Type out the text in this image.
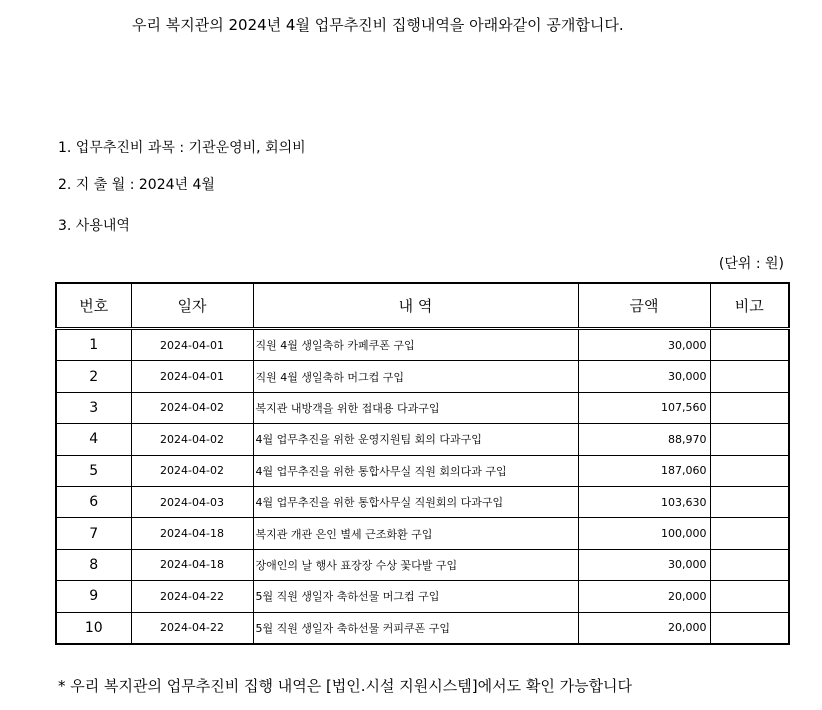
우리 복지관의 2024년 4월 업무추진비 집행내역을 아래와같이 공개합니다.
1. 업무추진비 과목 : 기관운영비, 회의비
2. 지 출 월 : 2024년 4월
3. 사용내역
(단위 : 원)
번호	일자	내 역	금액	비고
1	2024-04-01	직원 4월 생일축하 카페쿠폰 구입	30,000	
2	2024-04-01	직원 4월 생일축하 머그컵 구입	30,000	
3	2024-04-02	복지관 내방객을 위한 접대용 다과구입	107,560	
4	2024-04-02	4월 업무추진을 위한 운영지원팀 회의 다과구입	88,970	
5	2024-04-02	4월 업무추진을 위한 통합사무실 직원 회의다과 구입	187,060	
6	2024-04-03	4월 업무추진을 위한 통합사무실 직원회의 다과구입	103,630	
7	2024-04-18	복지관 개관 은인 별세 근조화환 구입	100,000	
8	2024-04-18	장애인의 날 행사 표장장 수상 꽃다발 구입	30,000	
9	2024-04-22	5월 직원 생일자 축하선물 머그컵 구입	20,000	
10	2024-04-22	5월 직원 생일자 축하선물 커피쿠폰 구입	20,000	
* 우리 복지관의 업무추진비 집행 내역은 [법인.시설 지원시스템]에서도 확인 가능합니다
